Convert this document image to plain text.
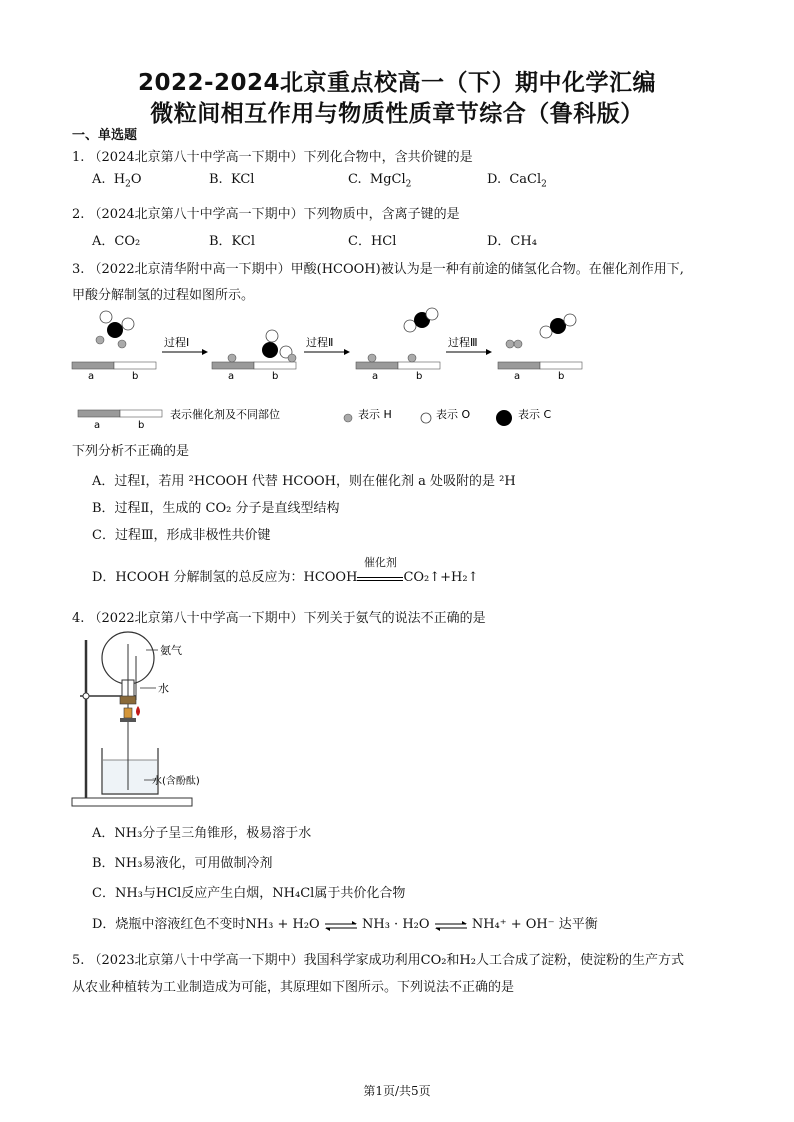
2022-2024北京重点校高一（下）期中化学汇编
微粒间相互作用与物质性质章节综合（鲁科版）
一、单选题
1. （2024北京第八十中学高一下期中）下列化合物中，含共价键的是
A. $H_2O$	B. KCl	C. MgCl$_2$	D. CaCl$_2$
2. （2024北京第八十中学高一下期中）下列物质中，含离子键的是
A．CO₂	B．KCl	C．HCl	D．CH₄
3. （2022北京清华附中高一下期中）甲酸(HCOOH)被认为是一种有前途的储氢化合物。在催化剂作用下,
甲酸分解制氢的过程如图所示。
a	b	a	b	a	b	a	b
过程Ⅰ	过程Ⅱ	过程Ⅲ
a	b
表示催化剂及不同部位	表示 H	表示 O	表示 C
下列分析不正确的是
A．过程Ⅰ，若用 ²HCOOH 代替 HCOOH，则在催化剂 a 处吸附的是 ²H
B．过程Ⅱ，生成的 CO₂ 分子是直线型结构
C．过程Ⅲ，形成非极性共价键
D．HCOOH 分解制氢的总反应为：HCOOH
催化剂
CO₂↑+H₂↑
4. （2022北京第八十中学高一下期中）下列关于氨气的说法不正确的是
氨气
水
水(含酚酞)
A．NH₃分子呈三角锥形，极易溶于水
B．NH₃易液化，可用做制冷剂
C．NH₃与HCl反应产生白烟，NH₄Cl属于共价化合物
D．烧瓶中溶液红色不变时NH₃ + H₂O ⇌ NH₃ · H₂O ⇌ NH₄⁺ + OH⁻ 达平衡
5. （2023北京第八十中学高一下期中）我国科学家成功利用CO₂和H₂人工合成了淀粉，使淀粉的生产方式
从农业种植转为工业制造成为可能，其原理如下图所示。下列说法不正确的是
第1页/共5页
